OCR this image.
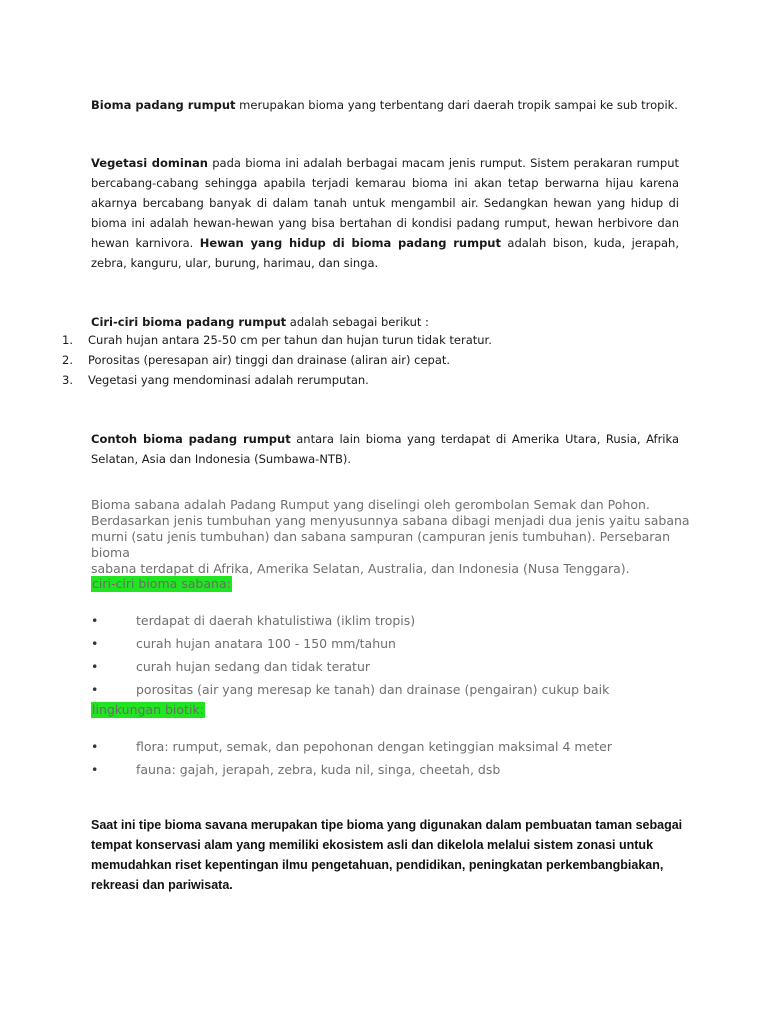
Bioma padang rumput merupakan bioma yang terbentang dari daerah tropik sampai ke sub tropik.

Vegetasi dominan pada bioma ini adalah berbagai macam jenis rumput. Sistem perakaran rumput bercabang-cabang sehingga apabila terjadi kemarau bioma ini akan tetap berwarna hijau karena akarnya bercabang banyak di dalam tanah untuk mengambil air. Sedangkan hewan yang hidup di bioma ini adalah hewan-hewan yang bisa bertahan di kondisi padang rumput, hewan herbivore dan hewan karnivora. Hewan yang hidup di bioma padang rumput adalah bison, kuda, jerapah, zebra, kanguru, ular, burung, harimau, dan singa.

Ciri-ciri bioma padang rumput adalah sebagai berikut :

1. Curah hujan antara 25-50 cm per tahun dan hujan turun tidak teratur.
2. Porositas (peresapan air) tinggi dan drainase (aliran air) cepat.
3. Vegetasi yang mendominasi adalah rerumputan.

Contoh bioma padang rumput antara lain bioma yang terdapat di Amerika Utara, Rusia, Afrika Selatan, Asia dan Indonesia (Sumbawa-NTB).

Bioma sabana adalah Padang Rumput yang diselingi oleh gerombolan Semak dan Pohon.
Berdasarkan jenis tumbuhan yang menyusunnya sabana dibagi menjadi dua jenis yaitu sabana
murni (satu jenis tumbuhan) dan sabana sampuran (campuran jenis tumbuhan). Persebaran bioma
sabana terdapat di Afrika, Amerika Selatan, Australia, dan Indonesia (Nusa Tenggara).

ciri-ciri bioma sabana:
•	terdapat di daerah khatulistiwa (iklim tropis)
•	curah hujan anatara 100 - 150 mm/tahun
•	curah hujan sedang dan tidak teratur
•	porositas (air yang meresap ke tanah) dan drainase (pengairan) cukup baik
lingkungan biotik:
•	flora: rumput, semak, dan pepohonan dengan ketinggian maksimal 4 meter
•	fauna: gajah, jerapah, zebra, kuda nil, singa, cheetah, dsb

Saat ini tipe bioma savana merupakan tipe bioma yang digunakan dalam pembuatan taman sebagai
tempat konservasi alam yang memiliki ekosistem asli dan dikelola melalui sistem zonasi untuk
memudahkan riset kepentingan ilmu pengetahuan, pendidikan, peningkatan perkembangbiakan,
rekreasi dan pariwisata.
